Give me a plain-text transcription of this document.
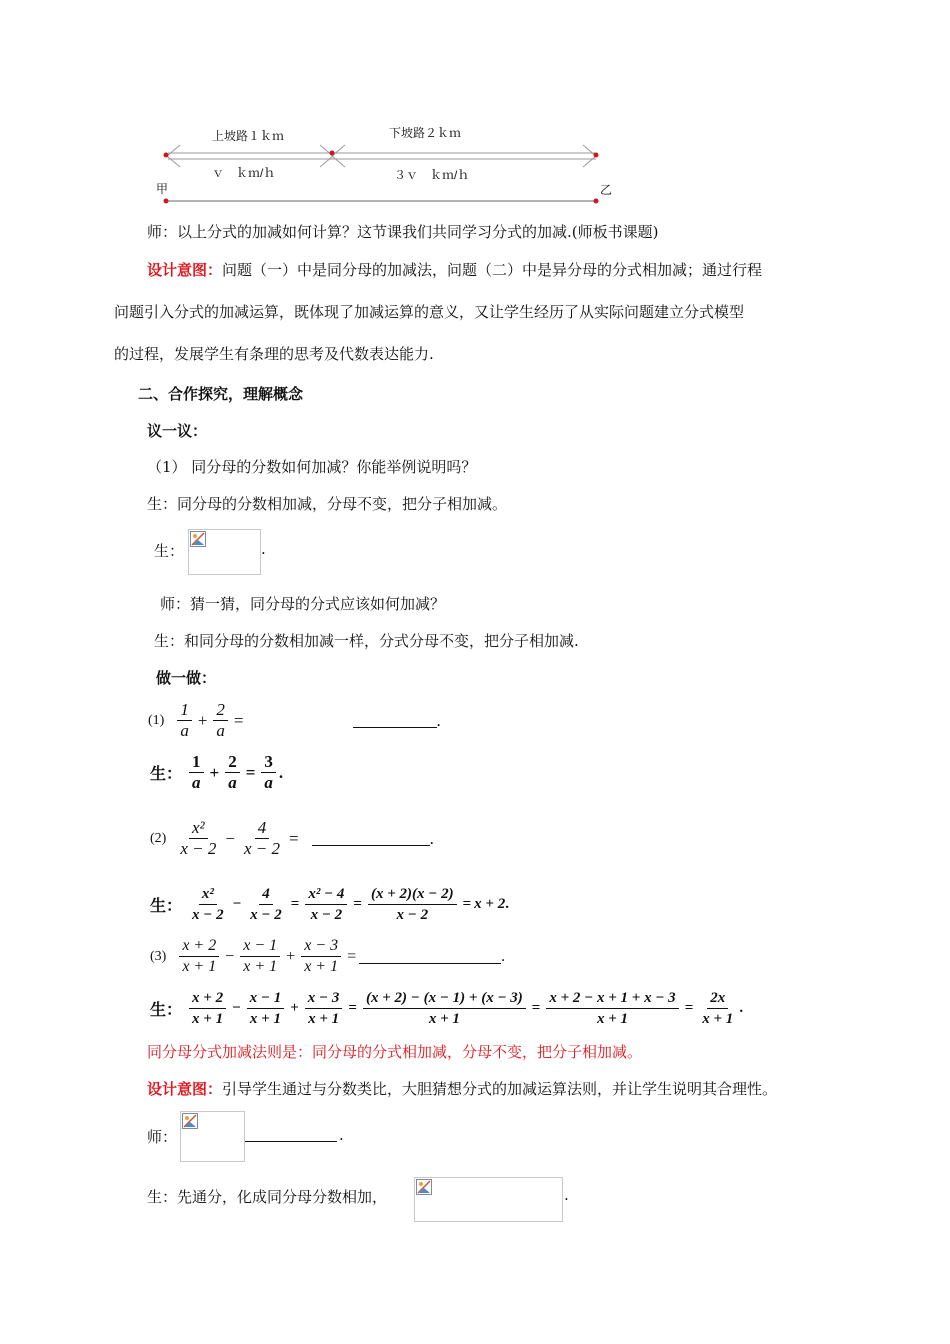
上坡路１ｋｍ	下坡路２ｋｍ
ｖ　ｋｍ/ｈ	３ｖ　ｋｍ/ｈ
甲	乙
师：以上分式的加减如何计算？这节课我们共同学习分式的加减.(师板书课题)
设计意图：问题（一）中是同分母的加减法，问题（二）中是异分母的分式相加减；通过行程
问题引入分式的加减运算，既体现了加减运算的意义，又让学生经历了从实际问题建立分式模型
的过程，发展学生有条理的思考及代数表达能力.
二、合作探究，理解概念
议一议：
（1） 同分母的分数如何加减？你能举例说明吗？
生：同分母的分数相加减，分母不变，把分子相加减。
生：	.
师：猜一猜，同分母的分式应该如何加减？
生：和同分母的分数相加减一样，分式分母不变，把分子相加减.
做一做：
$(1) \frac{1}{a} + \frac{2}{a}$ =	.
生： $\frac{1}{a} + \frac{2}{a} = \frac{3}{a}$ .
$(2) \frac{\text{x²}}{x - 2} - \frac{4}{x - 2}$ =	.
生： $\frac{\text{x²}}{x - 2} - \frac{4}{x - 2} = \frac{\text{x² − 4}}{x - 2} = \frac{(x + 2)(x - 2)}{x - 2} = x + 2$ .
$(3) \frac{x + 2}{x + 1} - \frac{x - 1}{x + 1} + \frac{x - 3}{x + 1}$ =	.
生： $\frac{x + 2}{x + 1} - \frac{x - 1}{x + 1} + \frac{x - 3}{x + 1} = \frac{(x + 2) - (x - 1) + (x - 3)}{x + 1} = \frac{x + 2 - x + 1 + x - 3}{x + 1} = \frac{2x}{x + 1}$ .
同分母分式加减法则是：同分母的分式相加减，分母不变，把分子相加减。
设计意图：引导学生通过与分数类比，大胆猜想分式的加减运算法则，并让学生说明其合理性。
师：	.
生：先通分，化成同分母分数相加，	.
